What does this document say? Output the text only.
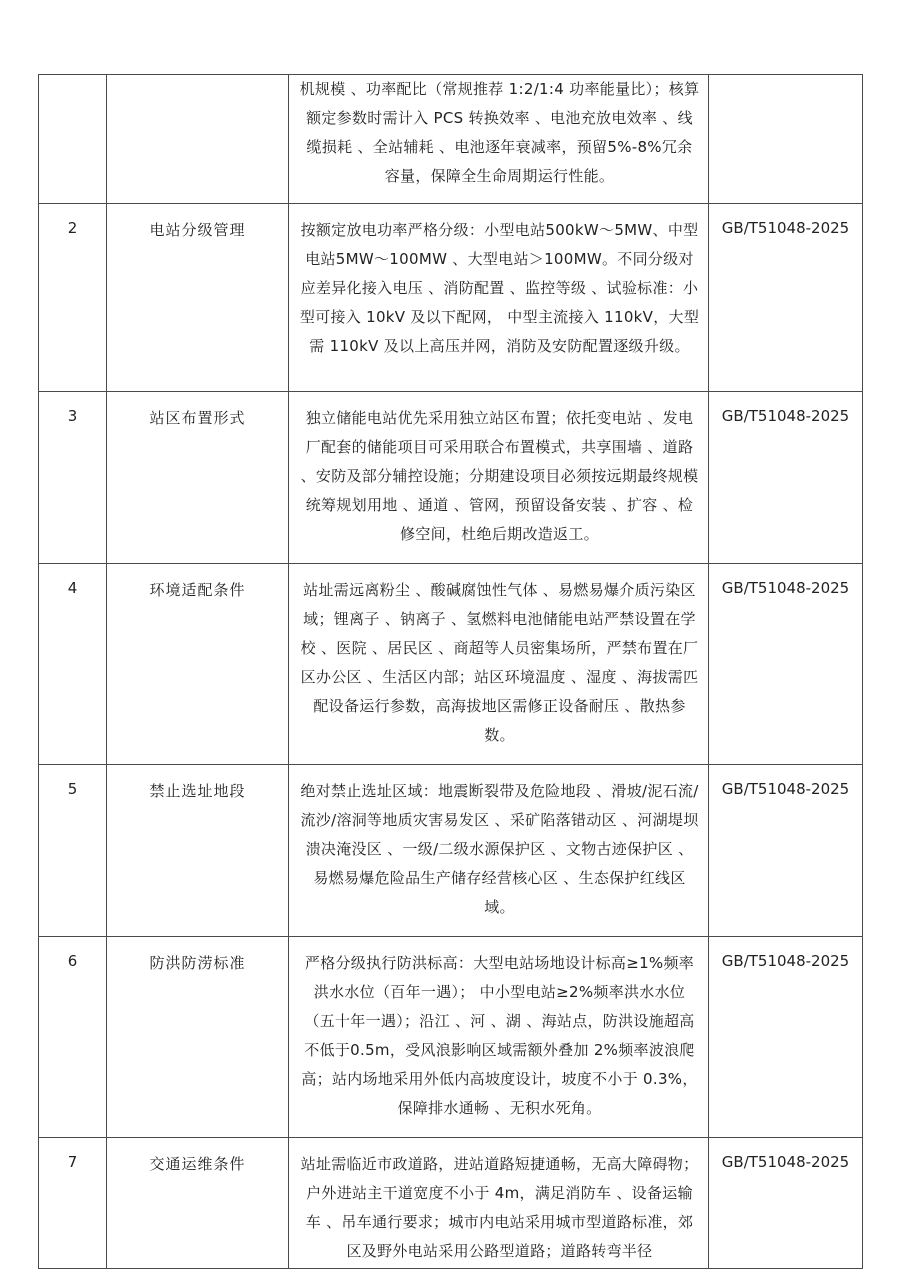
		机规模 、功率配比（常规推荐 1:2/1:4 功率能量比）；核算额定参数时需计入 PCS 转换效率 、电池充放电效率 、线缆损耗 、全站辅耗 、电池逐年衰减率，预留5%-8%冗余容量，保障全生命周期运行性能。	
2	电站分级管理	按额定放电功率严格分级：小型电站500kW～5MW、中型电站5MW～100MW 、大型电站＞100MW。不同分级对应差异化接入电压 、消防配置 、监控等级 、试验标准：小型可接入 10kV 及以下配网， 中型主流接入 110kV，大型需 110kV 及以上高压并网，消防及安防配置逐级升级。	GB/T51048-2025
3	站区布置形式	独立储能电站优先采用独立站区布置；依托变电站 、发电厂配套的储能项目可采用联合布置模式，共享围墙 、道路 、安防及部分辅控设施；分期建设项目必须按远期最终规模统筹规划用地 、通道 、管网，预留设备安装 、扩容 、检修空间，杜绝后期改造返工。	GB/T51048-2025
4	环境适配条件	站址需远离粉尘 、酸碱腐蚀性气体 、易燃易爆介质污染区域；锂离子 、钠离子 、氢燃料电池储能电站严禁设置在学校 、医院 、居民区 、商超等人员密集场所，严禁布置在厂区办公区 、生活区内部；站区环境温度 、湿度 、海拔需匹配设备运行参数，高海拔地区需修正设备耐压 、散热参数。	GB/T51048-2025
5	禁止选址地段	绝对禁止选址区域：地震断裂带及危险地段 、滑坡/泥石流/流沙/溶洞等地质灾害易发区 、采矿陷落错动区 、河湖堤坝溃决淹没区 、一级/二级水源保护区 、文物古迹保护区 、易燃易爆危险品生产储存经营核心区 、生态保护红线区域。	GB/T51048-2025
6	防洪防涝标准	严格分级执行防洪标高：大型电站场地设计标高≥1%频率洪水水位（百年一遇）； 中小型电站≥2%频率洪水水位（五十年一遇）；沿江 、河 、湖 、海站点，防洪设施超高不低于0.5m，受风浪影响区域需额外叠加 2%频率波浪爬高；站内场地采用外低内高坡度设计，坡度不小于 0.3%，保障排水通畅 、无积水死角。	GB/T51048-2025
7	交通运维条件	站址需临近市政道路，进站道路短捷通畅，无高大障碍物；户外进站主干道宽度不小于 4m，满足消防车 、设备运输车 、吊车通行要求；城市内电站采用城市型道路标准，郊区及野外电站采用公路型道路；道路转弯半径	GB/T51048-2025
